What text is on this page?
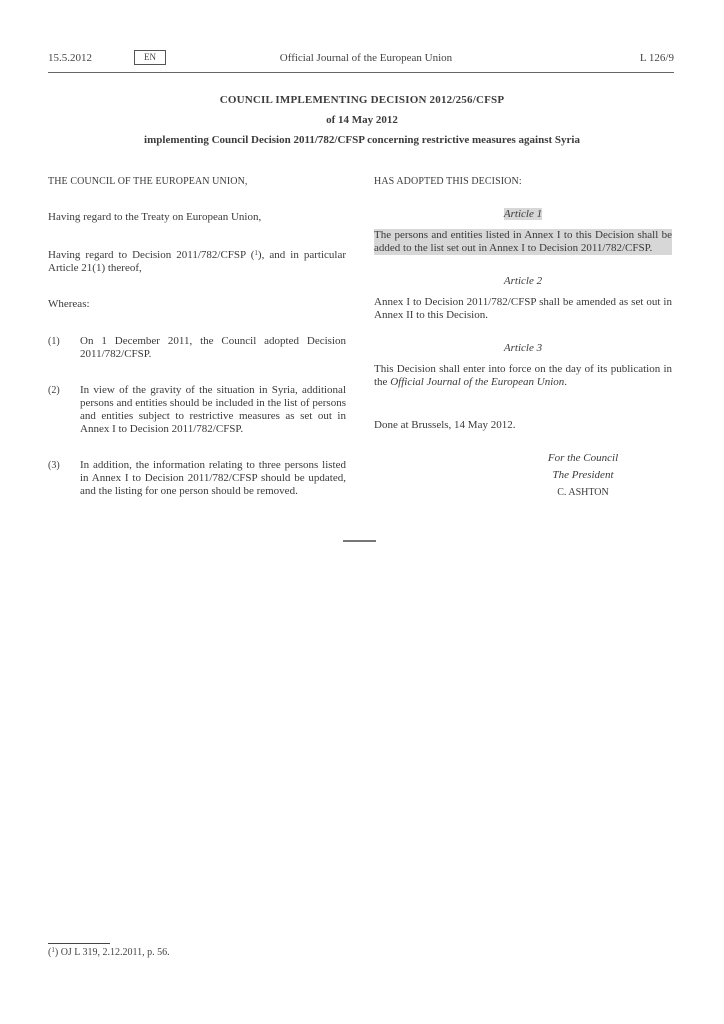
15.5.2012	EN	Official Journal of the European Union	L 126/9
COUNCIL IMPLEMENTING DECISION 2012/256/CFSP
of 14 May 2012
implementing Council Decision 2011/782/CFSP concerning restrictive measures against Syria

THE COUNCIL OF THE EUROPEAN UNION,

Having regard to the Treaty on European Union,

Having regard to Decision 2011/782/CFSP ($^1$), and in particular Article 21(1) thereof,

Whereas:

(1) On 1 December 2011, the Council adopted Decision 2011/782/CFSP.
(2) In view of the gravity of the situation in Syria, additional persons and entities should be included in the list of persons and entities subject to restrictive measures as set out in Annex I to Decision 2011/782/CFSP.
(3) In addition, the information relating to three persons listed in Annex I to Decision 2011/782/CFSP should be updated, and the listing for one person should be removed.

HAS ADOPTED THIS DECISION:

Article 1

The persons and entities listed in Annex I to this Decision shall be added to the list set out in Annex I to Decision 2011/782/CFSP.

Article 2

Annex I to Decision 2011/782/CFSP shall be amended as set out in Annex II to this Decision.

Article 3

This Decision shall enter into force on the day of its publication in the Official Journal of the European Union.

Done at Brussels, 14 May 2012.

For the Council
The President
C. ASHTON
($^1$) OJ L 319, 2.12.2011, p. 56.
